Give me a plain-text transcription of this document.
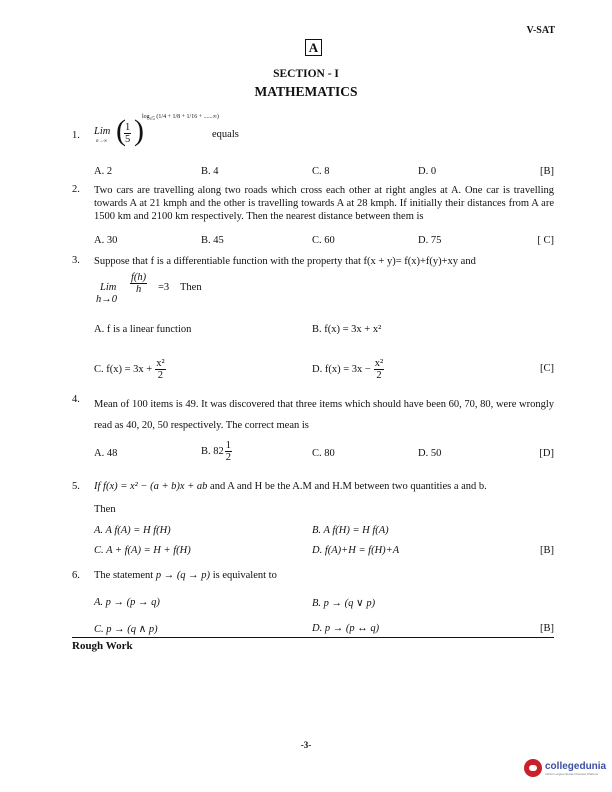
V-SAT
A
SECTION - I
MATHEMATICS
1. Lim
n→∞ (
$\frac{1}{5}$ )
$\log_{√5} (1/4 + 1/8 + 1/16$ + ......∞)
equals
A. 2	B. 4	C. 8	D. 0	[B]
2. Two cars are travelling along two roads which cross each other at right angles at A. One car is travelling towards A at 21 kmph and the other is travelling towards A at 28 kmph. If initially their distances from A are 1500 km and 2100 km respectively. Then the nearest distance between them is
A. 30	B. 45	C. 60	D. 75	[ C]
3. Suppose that f is a differentiable function with the property that f(x + y)= f(x)+f(y)+xy and
Lim
h→0
$\frac{f(h)}{h} =3$ Then
A. f is a linear function	B. f(x) = 3x + x²
C. $f(x) = 3x + \frac{\text{x²}}{2}$	D. $f(x) = 3x - \frac{\text{x²}}{2}$	[C]
4. Mean of 100 items is 49. It was discovered that three items which should have been 60, 70, 80, were wrongly read as 40, 20, 50 respectively. The correct mean is
A. 48	B. $82 \frac{1}{2}$	C. 80	D. 50	[D]
5. If f(x) = x² − (a + b)x + ab and A and H be the A.M and H.M between two quantities a and b.
Then
A. A f(A) = H f(H)	B. A f(H) = H f(A)
C. A + f(A) = H + f(H)	D. f(A)+H = f(H)+A	[B]
6. The statement p → (q → p) is equivalent to
A. p → (p → q)	B. p → (q ∨ p)
C. p → (q ∧ p)	D. p → (p ↔ q)	[B]
Rough Work
-3-
collegedunia
India's Largest Student Review Platform
